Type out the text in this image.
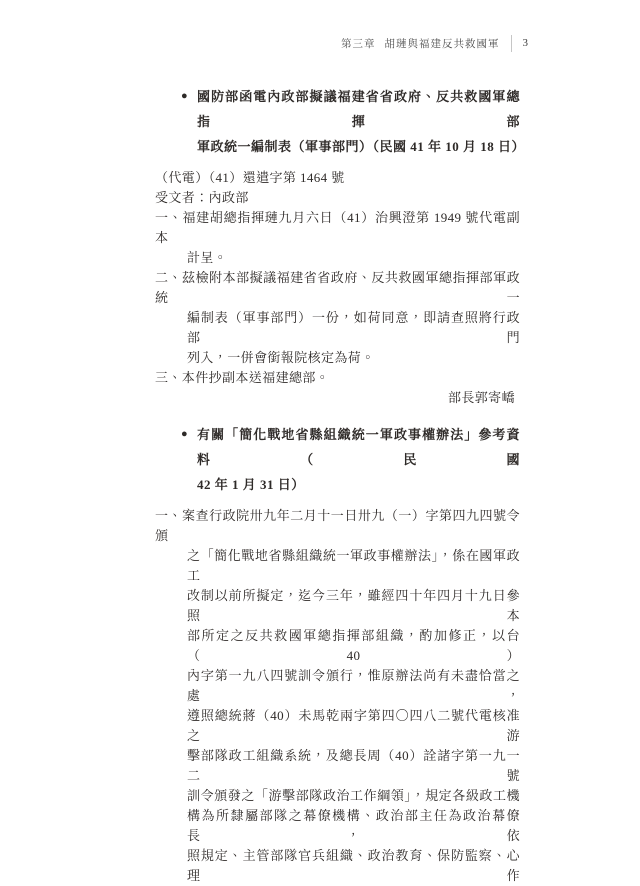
第三章 胡璉與福建反共救國軍 3
● 國防部函電內政部擬議福建省省政府、反共救國軍總指揮部
軍政統一編制表（軍事部門）（民國 41 年 10 月 18 日）
（代電）（41）還遣字第 1464 號
受文者：內政部
一、福建胡總指揮璉九月六日（41）治興澄第 1949 號代電副本
計呈。
二、茲檢附本部擬議福建省省政府、反共救國軍總指揮部軍政統一
編制表（軍事部門）一份，如荷同意，即請查照將行政部門
列入，一併會銜報院核定為荷。
三、本件抄副本送福建總部。
部長郭寄嶠
● 有關「簡化戰地省縣組織統一軍政事權辦法」參考資料（民國
42 年 1 月 31 日）
一、案查行政院卅九年二月十一日卅九（一）字第四九四號令頒
之「簡化戰地省縣組織統一軍政事權辦法」，係在國軍政工
改制以前所擬定，迄今三年，雖經四十年四月十九日參照本
部所定之反共救國軍總指揮部組織，酌加修正，以台（40）
內字第一九八四號訓令頒行，惟原辦法尚有未盡恰當之處，
遵照總統蔣（40）未馬乾兩字第四〇四八二號代電核准之游
擊部隊政工組織系統，及總長周（40）詮諸字第一九一二號
訓令頒發之「游擊部隊政治工作綱領」，規定各級政工機
構為所隸屬部隊之幕僚機構、政治部主任為政治幕僚長，依
照規定、主管部隊官兵組織、政治教育、保防監察、心理作
